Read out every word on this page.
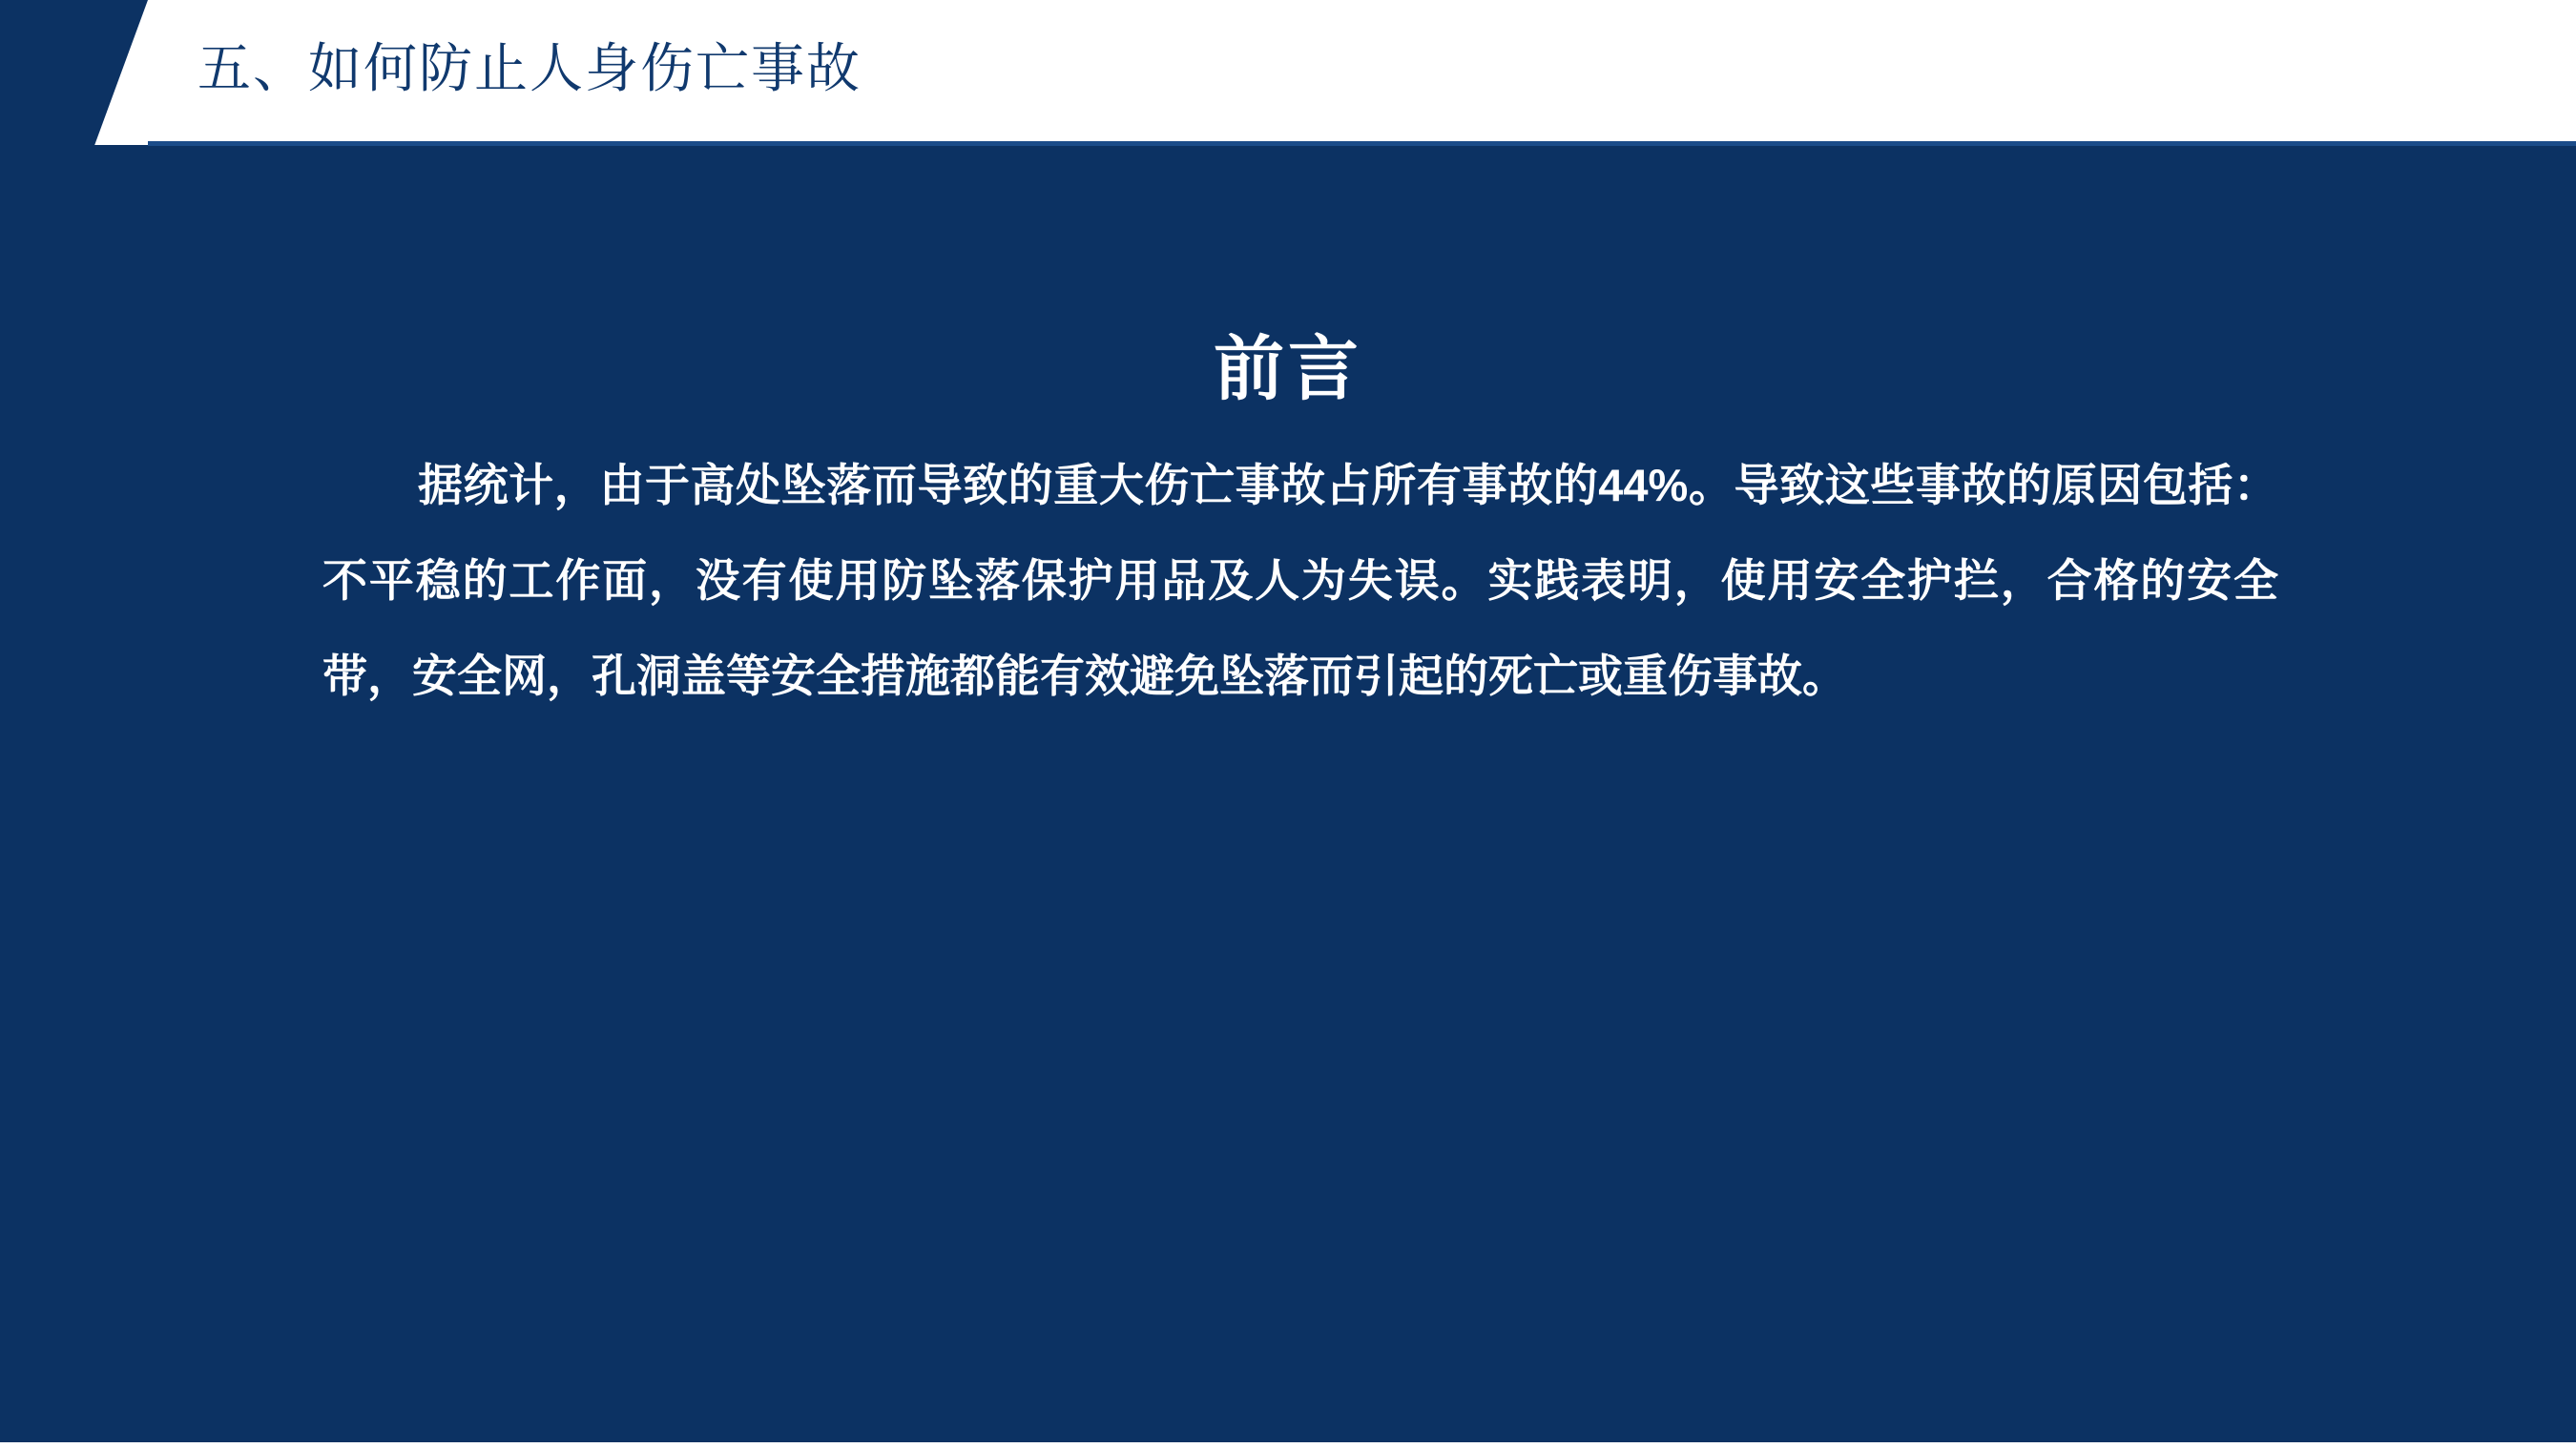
五、如何防止人身伤亡事故
前言
据统计，由于高处坠落而导致的重大伤亡事故占所有事故的44%。导致这些事故的原因包括：不平稳的工作面，没有使用防坠落保护用品及人为失误。实践表明，使用安全护拦，合格的安全带，安全网，孔洞盖等安全措施都能有效避免坠落而引起的死亡或重伤事故。
